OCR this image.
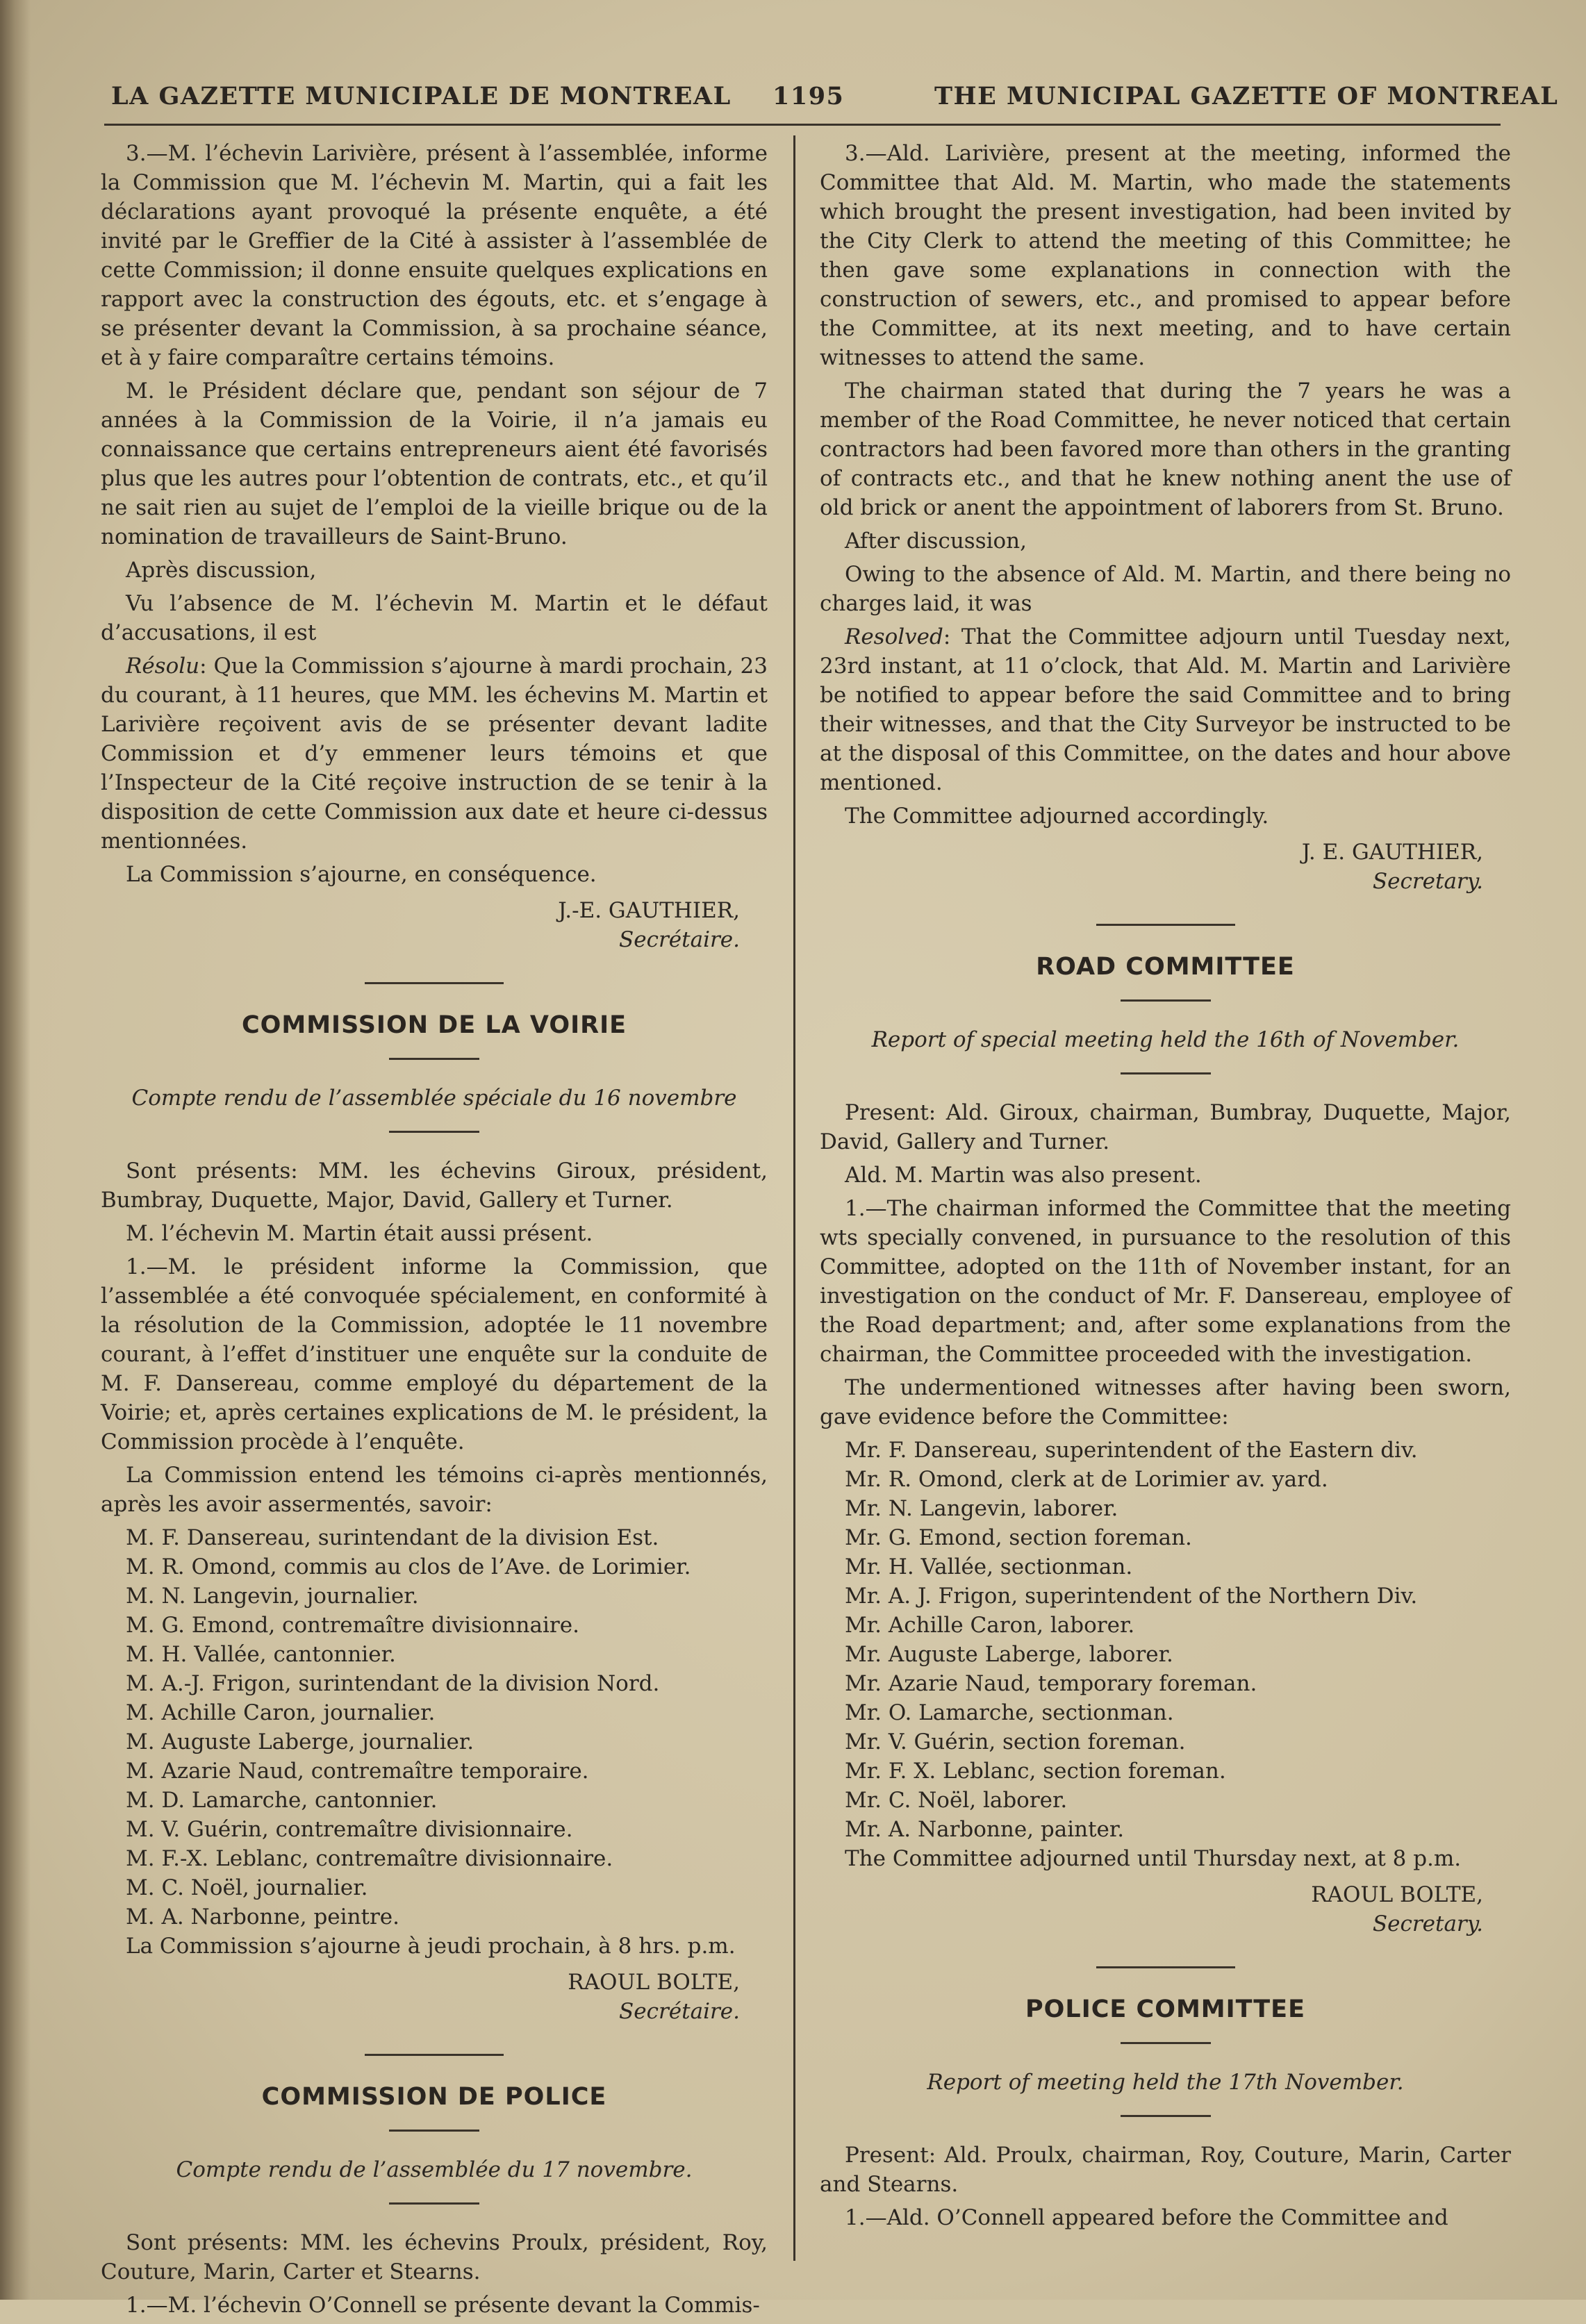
LA GAZETTE MUNICIPALE DE MONTREAL 1195	THE MUNICIPAL GAZETTE OF MONTREAL

3.—M. l’échevin Larivière, présent à l’assemblée, informe la Commission que M. l’échevin M. Martin, qui a fait les déclarations ayant provoqué la présente enquête, a été invité par le Greffier de la Cité à assister à l’assemblée de cette Commission; il donne ensuite quelques explications en rapport avec la construction des égouts, etc. et s’engage à se présenter devant la Commission, à sa prochaine séance, et à y faire comparaître certains témoins.

M. le Président déclare que, pendant son séjour de 7 années à la Commission de la Voirie, il n’a jamais eu connaissance que certains entrepreneurs aient été favorisés plus que les autres pour l’obtention de contrats, etc., et qu’il ne sait rien au sujet de l’emploi de la vieille brique ou de la nomination de travailleurs de Saint-Bruno.

Après discussion,

Vu l’absence de M. l’échevin M. Martin et le défaut d’accusations, il est

Résolu: Que la Commission s’ajourne à mardi prochain, 23 du courant, à 11 heures, que MM. les échevins M. Martin et Larivière reçoivent avis de se présenter devant ladite Commission et d’y emmener leurs témoins et que l’Inspecteur de la Cité reçoive instruction de se tenir à la disposition de cette Commission aux date et heure ci-dessus mentionnées.

La Commission s’ajourne, en conséquence.

J.-E. GAUTHIER,

Secrétaire.

COMMISSION DE LA VOIRIE

Compte rendu de l’assemblée spéciale du 16 novembre

Sont présents: MM. les échevins Giroux, président, Bumbray, Duquette, Major, David, Gallery et Turner.

M. l’échevin M. Martin était aussi présent.

1.—M. le président informe la Commission, que l’assemblée a été convoquée spécialement, en conformité à la résolution de la Commission, adoptée le 11 novembre courant, à l’effet d’instituer une enquête sur la conduite de M. F. Dansereau, comme employé du département de la Voirie; et, après certaines explications de M. le président, la Commission procède à l’enquête.

La Commission entend les témoins ci-après mentionnés, après les avoir assermentés, savoir:

M. F. Dansereau, surintendant de la division Est.

M. R. Omond, commis au clos de l’Ave. de Lorimier.

M. N. Langevin, journalier.

M. G. Emond, contremaître divisionnaire.

M. H. Vallée, cantonnier.

M. A.-J. Frigon, surintendant de la division Nord.

M. Achille Caron, journalier.

M. Auguste Laberge, journalier.

M. Azarie Naud, contremaître temporaire.

M. D. Lamarche, cantonnier.

M. V. Guérin, contremaître divisionnaire.

M. F.-X. Leblanc, contremaître divisionnaire.

M. C. Noël, journalier.

M. A. Narbonne, peintre.

La Commission s’ajourne à jeudi prochain, à 8 hrs. p.m.

RAOUL BOLTE,

Secrétaire.

COMMISSION DE POLICE

Compte rendu de l’assemblée du 17 novembre.

Sont présents: MM. les échevins Proulx, président, Roy, Couture, Marin, Carter et Stearns.

1.—M. l’échevin O’Connell se présente devant la Commis-

3.—Ald. Larivière, present at the meeting, informed the Committee that Ald. M. Martin, who made the statements which brought the present investigation, had been invited by the City Clerk to attend the meeting of this Committee; he then gave some explanations in connection with the construction of sewers, etc., and promised to appear before the Committee, at its next meeting, and to have certain witnesses to attend the same.

The chairman stated that during the 7 years he was a member of the Road Committee, he never noticed that certain contractors had been favored more than others in the granting of contracts etc., and that he knew nothing anent the use of old brick or anent the appointment of laborers from St. Bruno.

After discussion,

Owing to the absence of Ald. M. Martin, and there being no charges laid, it was

Resolved: That the Committee adjourn until Tuesday next, 23rd instant, at 11 o’clock, that Ald. M. Martin and Larivière be notified to appear before the said Committee and to bring their witnesses, and that the City Surveyor be instructed to be at the disposal of this Committee, on the dates and hour above mentioned.

The Committee adjourned accordingly.

J. E. GAUTHIER,

Secretary.

ROAD COMMITTEE

Report of special meeting held the 16th of November.

Present: Ald. Giroux, chairman, Bumbray, Duquette, Major, David, Gallery and Turner.

Ald. M. Martin was also present.

1.—The chairman informed the Committee that the meeting wts specially convened, in pursuance to the resolution of this Committee, adopted on the 11th of November instant, for an investigation on the conduct of Mr. F. Dansereau, employee of the Road department; and, after some explanations from the chairman, the Committee proceeded with the investigation.

The undermentioned witnesses after having been sworn, gave evidence before the Committee:

Mr. F. Dansereau, superintendent of the Eastern div.

Mr. R. Omond, clerk at de Lorimier av. yard.

Mr. N. Langevin, laborer.

Mr. G. Emond, section foreman.

Mr. H. Vallée, sectionman.

Mr. A. J. Frigon, superintendent of the Northern Div.

Mr. Achille Caron, laborer.

Mr. Auguste Laberge, laborer.

Mr. Azarie Naud, temporary foreman.

Mr. O. Lamarche, sectionman.

Mr. V. Guérin, section foreman.

Mr. F. X. Leblanc, section foreman.

Mr. C. Noël, laborer.

Mr. A. Narbonne, painter.

The Committee adjourned until Thursday next, at 8 p.m.

RAOUL BOLTE,

Secretary.

POLICE COMMITTEE

Report of meeting held the 17th November.

Present: Ald. Proulx, chairman, Roy, Couture, Marin, Carter and Stearns.

1.—Ald. O’Connell appeared before the Committee and
